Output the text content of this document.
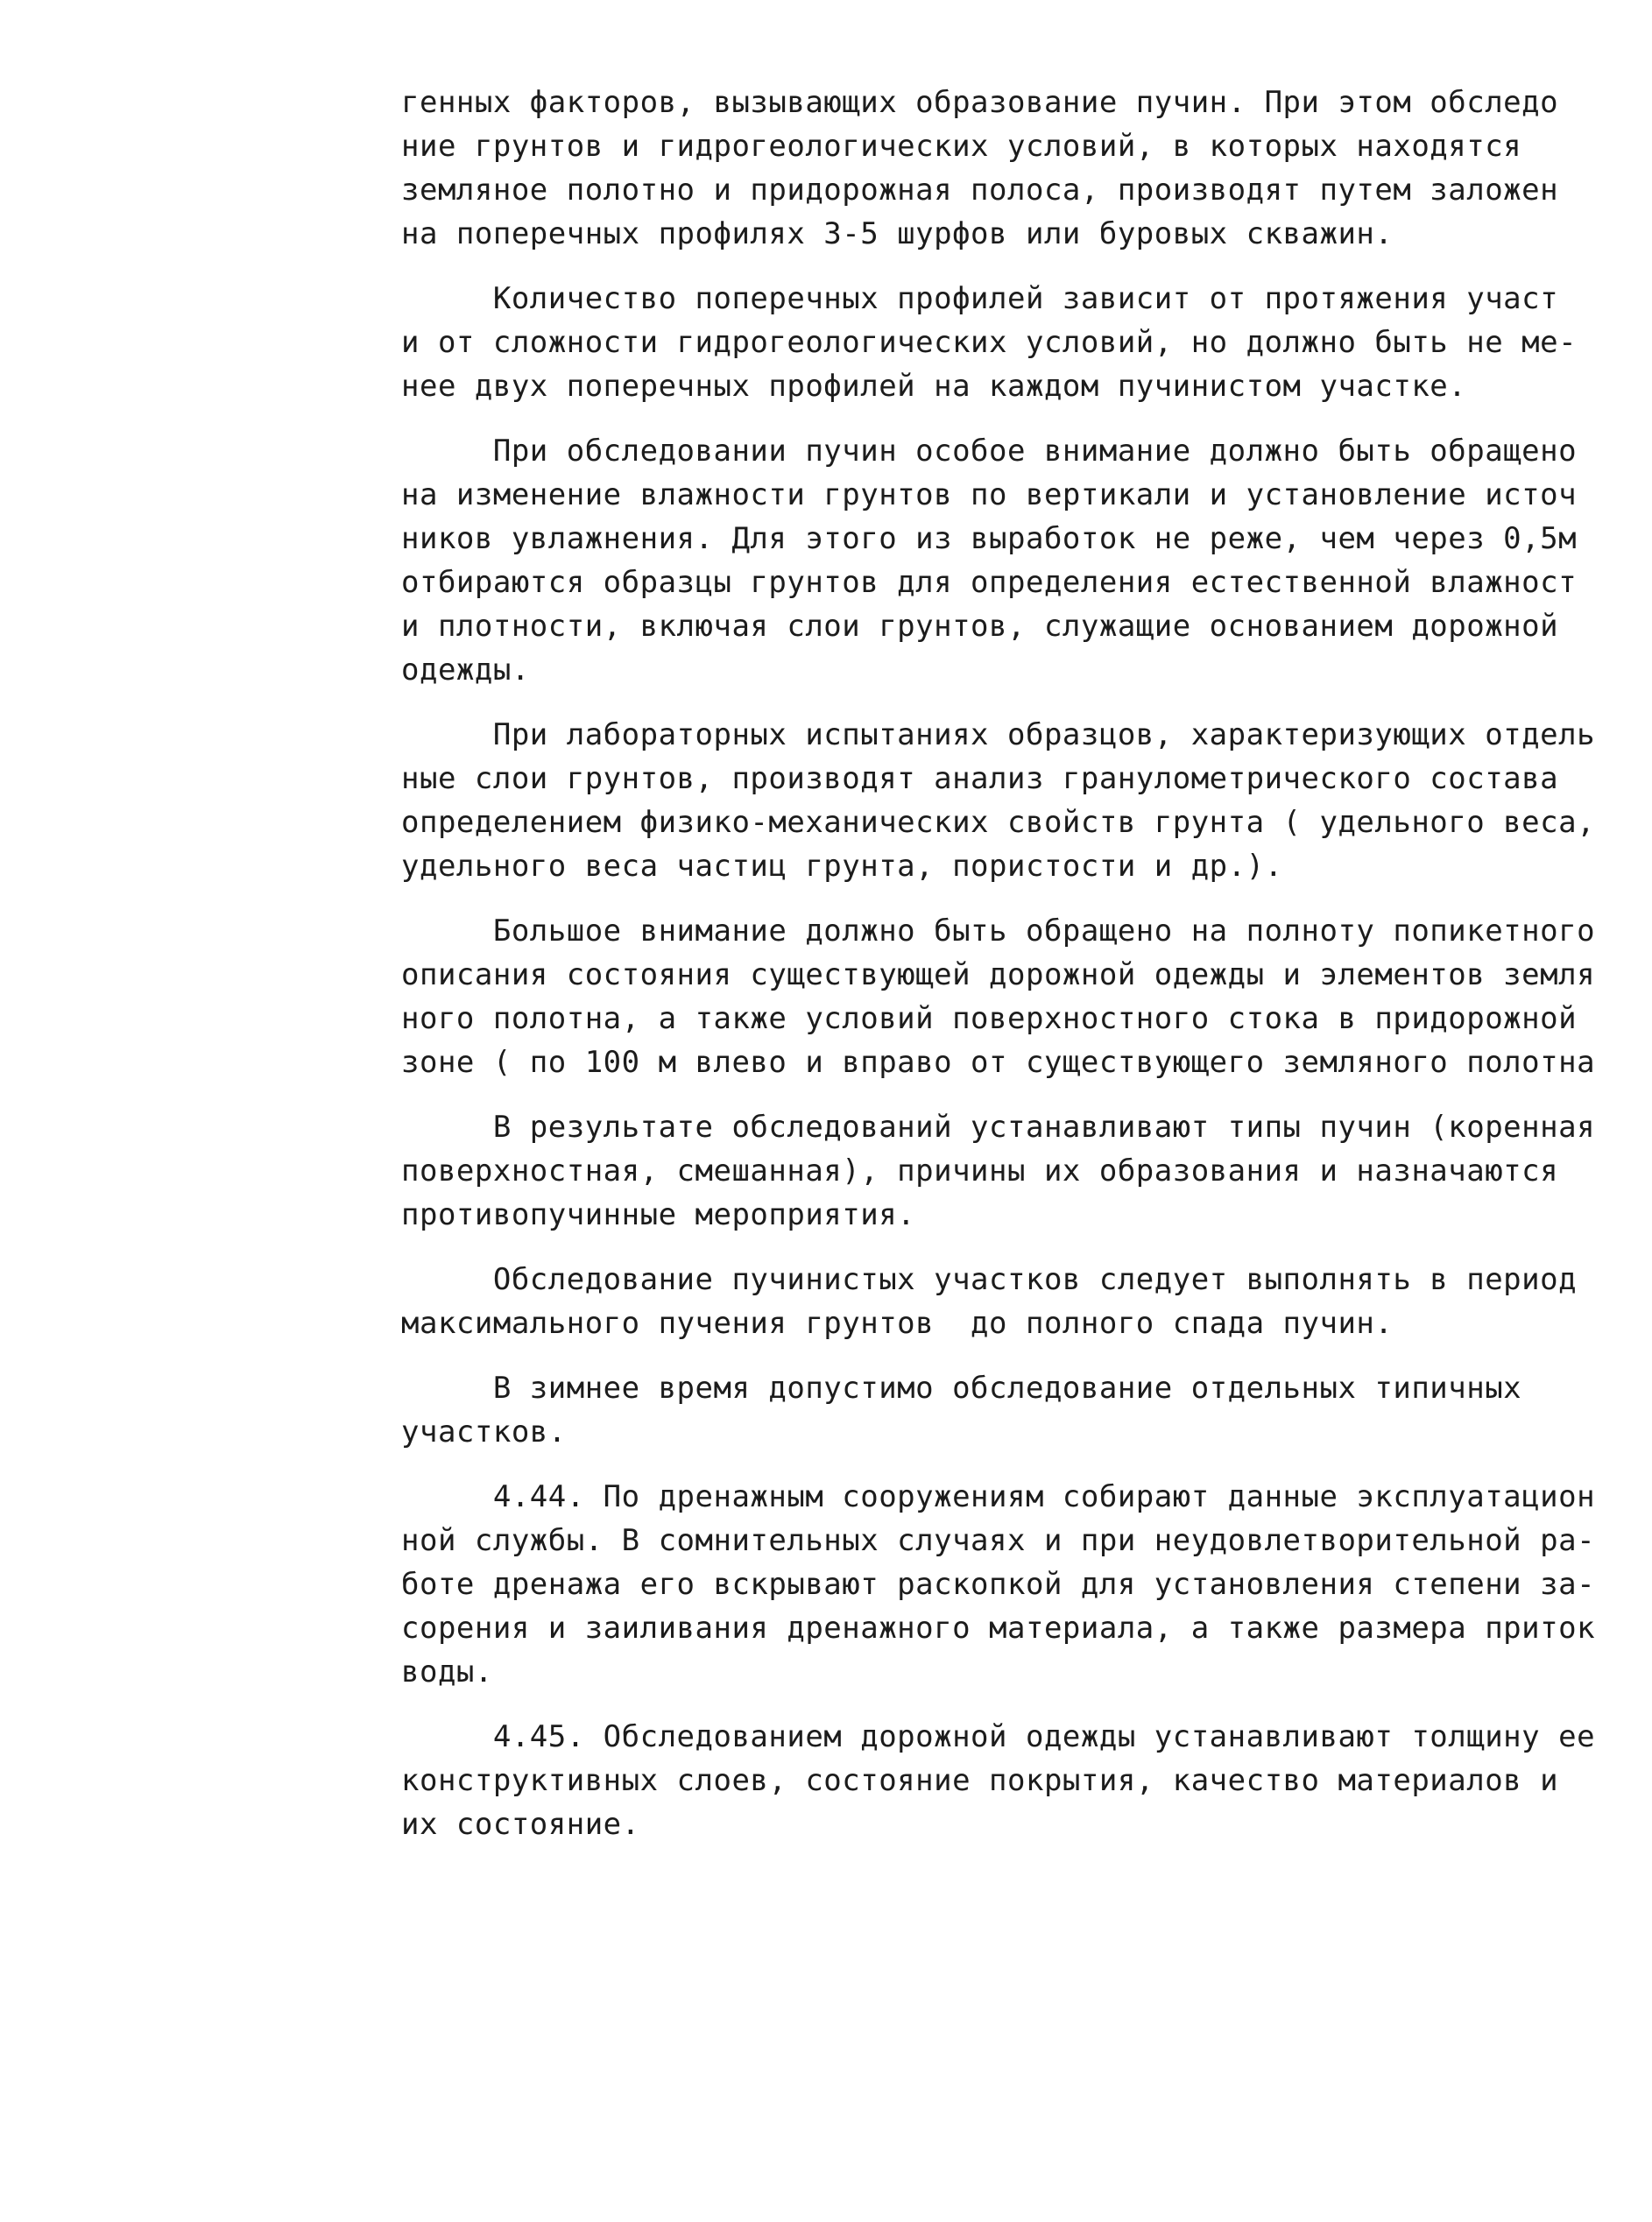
генных факторов, вызывающих образование пучин. При этом обследо
ние грунтов и гидрогеологических условий, в которых находятся
земляное полотно и придорожная полоса, производят путем заложен
на поперечных профилях 3-5 шурфов или буровых скважин.
Количество поперечных профилей зависит от протяжения участ
и от сложности гидрогеологических условий, но должно быть не ме-
нее двух поперечных профилей на каждом пучинистом участке.
При обследовании пучин особое внимание должно быть обращено
на изменение влажности грунтов по вертикали и установление источ
ников увлажнения. Для этого из выработок не реже, чем через 0,5м
отбираются образцы грунтов для определения естественной влажност
и плотности, включая слои грунтов, служащие основанием дорожной
одежды.
При лабораторных испытаниях образцов, характеризующих отдель
ные слои грунтов, производят анализ гранулометрического состава
определением физико-механических свойств грунта ( удельного веса,
удельного веса частиц грунта, пористости и др.).
Большое внимание должно быть обращено на полноту попикетного
описания состояния существующей дорожной одежды и элементов земля
ного полотна, а также условий поверхностного стока в придорожной
зоне ( по 100 м влево и вправо от существующего земляного полотна
В результате обследований устанавливают типы пучин (коренная
поверхностная, смешанная), причины их образования и назначаются
противопучинные мероприятия.
Обследование пучинистых участков следует выполнять в период
максимального пучения грунтов  до полного спада пучин.
В зимнее время допустимо обследование отдельных типичных
участков.
4.44. По дренажным сооружениям собирают данные эксплуатацион
ной службы. В сомнительных случаях и при неудовлетворительной ра-
боте дренажа его вскрывают раскопкой для установления степени за-
сорения и заиливания дренажного материала, а также размера приток
воды.
4.45. Обследованием дорожной одежды устанавливают толщину ее
конструктивных слоев, состояние покрытия, качество материалов и
их состояние.
